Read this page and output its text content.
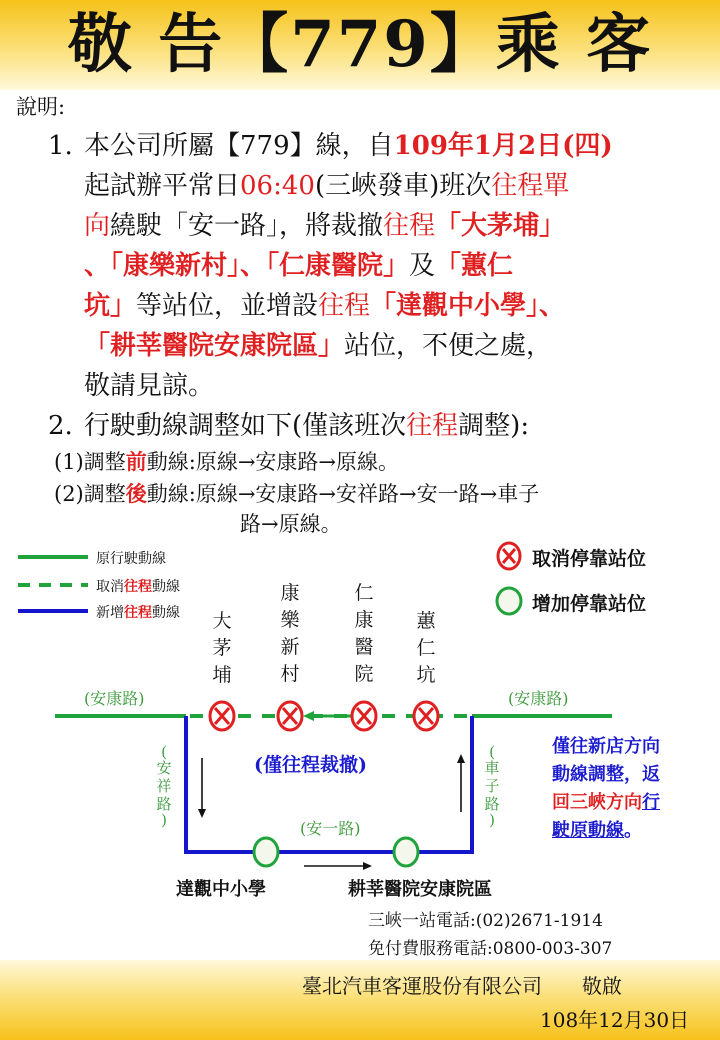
敬 告【779】乘 客
說明:
1. 本公司所屬【779】線，自109年1月2日(四)
起試辦平常日06:40(三峽發車)班次往程單
向繞駛「安一路」，將裁撤往程「大茅埔」
、「康樂新村」、「仁康醫院」及「蕙仁
坑」等站位，並增設往程「達觀中小學」、
「耕莘醫院安康院區」站位，不便之處，
敬請見諒。
2. 行駛動線調整如下(僅該班次往程調整):
(1)調整前動線:原線→安康路→原線。
(2)調整後動線:原線→安康路→安祥路→安一路→車子
路→原線。
原行駛動線
取消往程動線
新增往程動線
取消停靠站位
增加停靠站位
大
茅
埔
康
樂
新
村
仁
康
醫
院
蕙
仁
坑
(安康路)	(安康路)
(安一路)
(
安
祥
路
)
(
車
子
路
)
(僅往程裁撤)
達觀中小學	耕莘醫院安康院區
僅往新店方向
動線調整，返
回三峽方向行
駛原動線。
三峽一站電話:(02)2671-1914
免付費服務電話:0800-003-307
臺北汽車客運股份有限公司　　敬啟
108年12月30日
